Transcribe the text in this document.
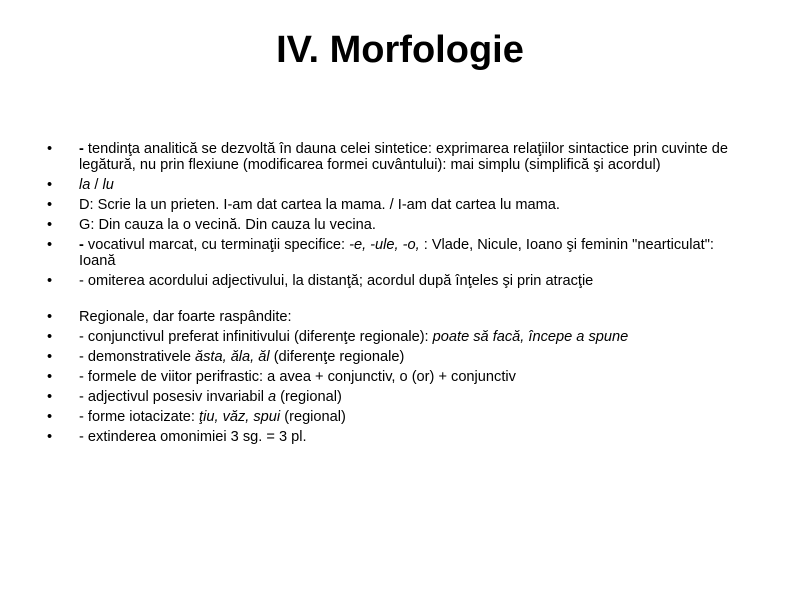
IV. Morfologie
• - tendinţa analitică se dezvoltă în dauna celei sintetice: exprimarea relaţiilor sintactice prin cuvinte de legătură, nu prin flexiune (modificarea formei cuvântului): mai simplu (simplifică şi acordul)
• la / lu
• D: Scrie la un prieten. I-am dat cartea la mama. / I-am dat cartea lu mama.
• G: Din cauza la o vecină. Din cauza lu vecina.
• - vocativul marcat, cu terminaţii specifice: -e, -ule, -o, : Vlade, Nicule, Ioano şi feminin "nearticulat": Ioană
• - omiterea acordului adjectivului, la distanţă; acordul după înţeles şi prin atracţie
• Regionale, dar foarte raspândite:
• - conjunctivul preferat infinitivului (diferenţe regionale): poate să facă, începe a spune
• - demonstrativele ăsta, ăla, ăl (diferenţe regionale)
• - formele de viitor perifrastic: a avea + conjunctiv, o (or) + conjunctiv
• - adjectivul posesiv invariabil a (regional)
• - forme iotacizate: ţiu, văz, spui (regional)
• - extinderea omonimiei 3 sg. = 3 pl.
